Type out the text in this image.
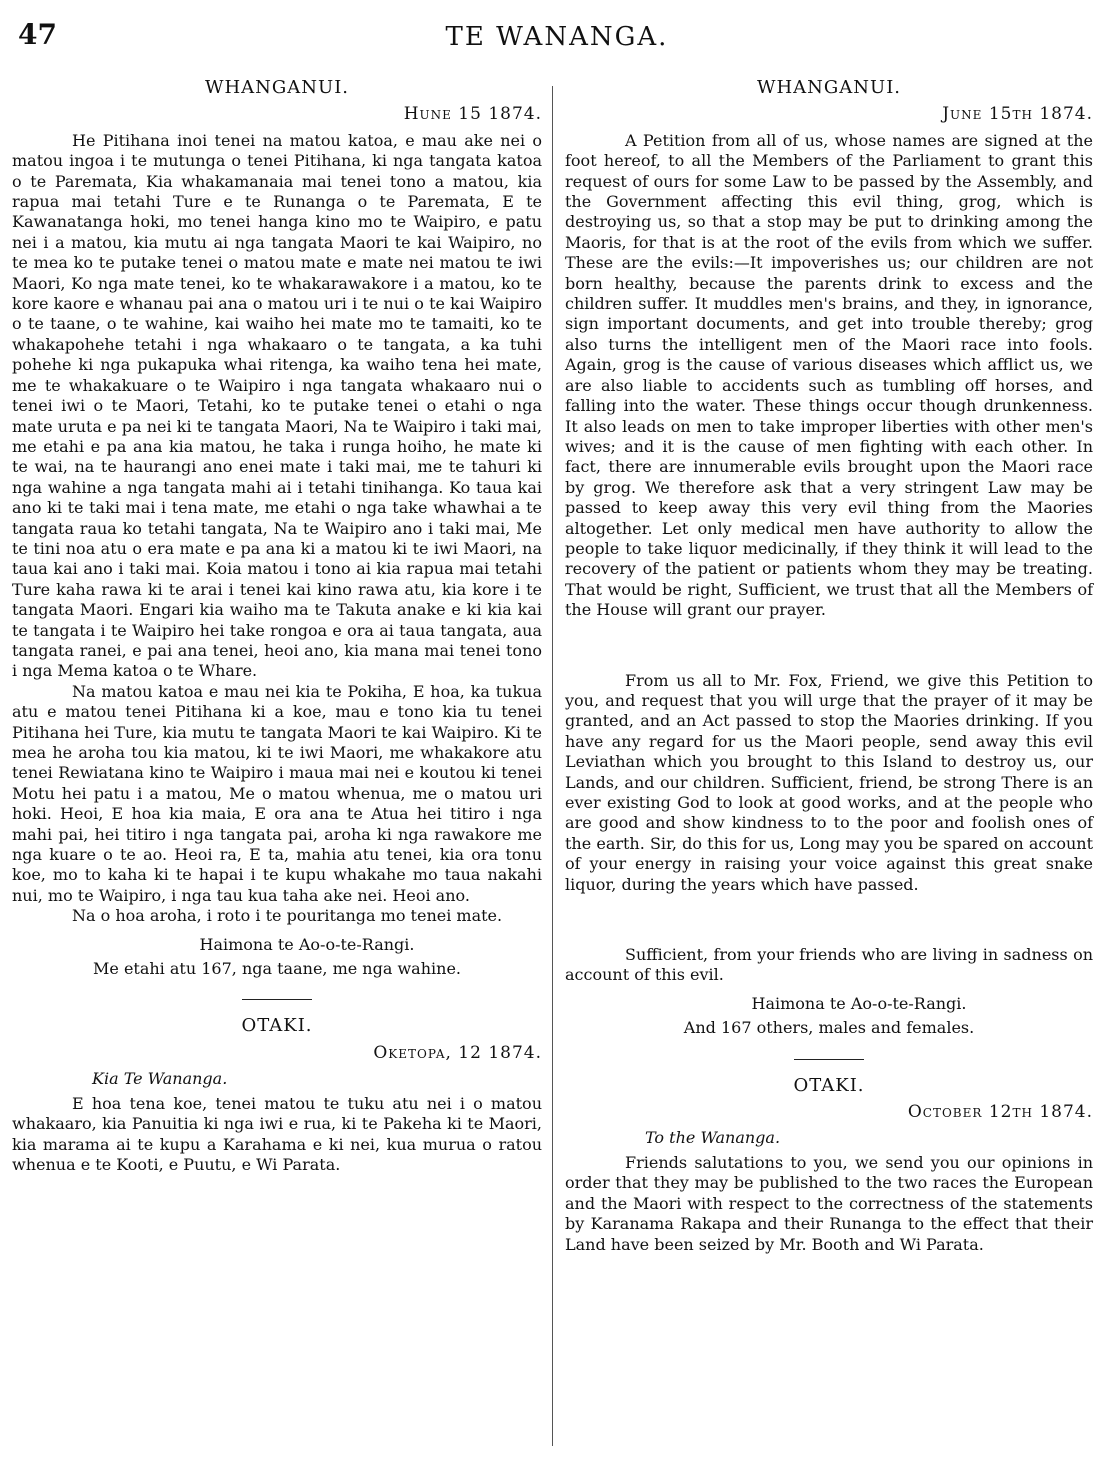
47	TE WANANGA.
WHANGANUI.
Hune 15 1874.

He Pitihana inoi tenei na matou katoa, e mau ake nei o matou ingoa i te mutunga o tenei Pitihana, ki nga tangata katoa o te Paremata, Kia whakamanaia mai tenei tono a matou, kia rapua mai tetahi Ture e te Runanga o te Paremata, E te Kawanatanga hoki, mo tenei hanga kino mo te Waipiro, e patu nei i a matou, kia mutu ai nga tangata Maori te kai Waipiro, no te mea ko te putake tenei o matou mate e mate nei matou te iwi Maori, Ko nga mate tenei, ko te whakarawakore i a matou, ko te kore kaore e whanau pai ana o matou uri i te nui o te kai Waipiro o te taane, o te wahine, kai waiho hei mate mo te tamaiti, ko te whakapohehe tetahi i nga whakaaro o te tangata, a ka tuhi pohehe ki nga pukapuka whai ritenga, ka waiho tena hei mate, me te whakakuare o te Waipiro i nga tangata whakaaro nui o tenei iwi o te Maori, Tetahi, ko te putake tenei o etahi o nga mate uruta e pa nei ki te tangata Maori, Na te Waipiro i taki mai, me etahi e pa ana kia matou, he taka i runga hoiho, he mate ki te wai, na te haurangi ano enei mate i taki mai, me te tahuri ki nga wahine a nga tangata mahi ai i tetahi tinihanga. Ko taua kai ano ki te taki mai i tena mate, me etahi o nga take whawhai a te tangata raua ko tetahi tangata, Na te Waipiro ano i taki mai, Me te tini noa atu o era mate e pa ana ki a matou ki te iwi Maori, na taua kai ano i taki mai. Koia matou i tono ai kia rapua mai tetahi Ture kaha rawa ki te arai i tenei kai kino rawa atu, kia kore i te tangata Maori. Engari kia waiho ma te Takuta anake e ki kia kai te tangata i te Waipiro hei take rongoa e ora ai taua tangata, aua tangata ranei, e pai ana tenei, heoi ano, kia mana mai tenei tono i nga Mema katoa o te Whare.

Na matou katoa e mau nei kia te Pokiha, E hoa, ka tukua atu e matou tenei Pitihana ki a koe, mau e tono kia tu tenei Pitihana hei Ture, kia mutu te tangata Maori te kai Waipiro. Ki te mea he aroha tou kia matou, ki te iwi Maori, me whakakore atu tenei Rewiatana kino te Waipiro i maua mai nei e koutou ki tenei Motu hei patu i a matou, Me o matou whenua, me o matou uri hoki. Heoi, E hoa kia maia, E ora ana te Atua hei titiro i nga mahi pai, hei titiro i nga tangata pai, aroha ki nga rawakore me nga kuare o te ao. Heoi ra, E ta, mahia atu tenei, kia ora tonu koe, mo to kaha ki te hapai i te kupu whakahe mo taua nakahi nui, mo te Waipiro, i nga tau kua taha ake nei. Heoi ano.

Na o hoa aroha, i roto i te pouritanga mo tenei mate.

Haimona te Ao-o-te-Rangi.
Me etahi atu 167, nga taane, me nga wahine.
OTAKI.
Oketopa, 12 1874.
Kia Te Wananga.

E hoa tena koe, tenei matou te tuku atu nei i o matou whakaaro, kia Panuitia ki nga iwi e rua, ki te Pakeha ki te Maori, kia marama ai te kupu a Karahama e ki nei, kua murua o ratou whenua e te Kooti, e Puutu, e Wi Parata.

WHANGANUI.
June 15th 1874.

A Petition from all of us, whose names are signed at the foot hereof, to all the Members of the Parliament to grant this request of ours for some Law to be passed by the Assembly, and the Government affecting this evil thing, grog, which is destroying us, so that a stop may be put to drinking among the Maoris, for that is at the root of the evils from which we suffer. These are the evils:—It impoverishes us; our children are not born healthy, because the parents drink to excess and the children suffer. It muddles men's brains, and they, in ignorance, sign important documents, and get into trouble thereby; grog also turns the intelligent men of the Maori race into fools. Again, grog is the cause of various diseases which afflict us, we are also liable to accidents such as tumbling off horses, and falling into the water. These things occur though drunkenness. It also leads on men to take improper liberties with other men's wives; and it is the cause of men fighting with each other. In fact, there are innumerable evils brought upon the Maori race by grog. We therefore ask that a very stringent Law may be passed to keep away this very evil thing from the Maories altogether. Let only medical men have authority to allow the people to take liquor medicinally, if they think it will lead to the recovery of the patient or patients whom they may be treating. That would be right, Sufficient, we trust that all the Members of the House will grant our prayer.

From us all to Mr. Fox, Friend, we give this Petition to you, and request that you will urge that the prayer of it may be granted, and an Act passed to stop the Maories drinking. If you have any regard for us the Maori people, send away this evil Leviathan which you brought to this Island to destroy us, our Lands, and our children. Sufficient, friend, be strong There is an ever existing God to look at good works, and at the people who are good and show kindness to to the poor and foolish ones of the earth. Sir, do this for us, Long may you be spared on account of your energy in raising your voice against this great snake liquor, during the years which have passed.

Sufficient, from your friends who are living in sadness on account of this evil.

Haimona te Ao-o-te-Rangi.
And 167 others, males and females.
OTAKI.
October 12th 1874.
To the Wananga.

Friends salutations to you, we send you our opinions in order that they may be published to the two races the European and the Maori with respect to the correctness of the statements by Karanama Rakapa and their Runanga to the effect that their Land have been seized by Mr. Booth and Wi Parata.
